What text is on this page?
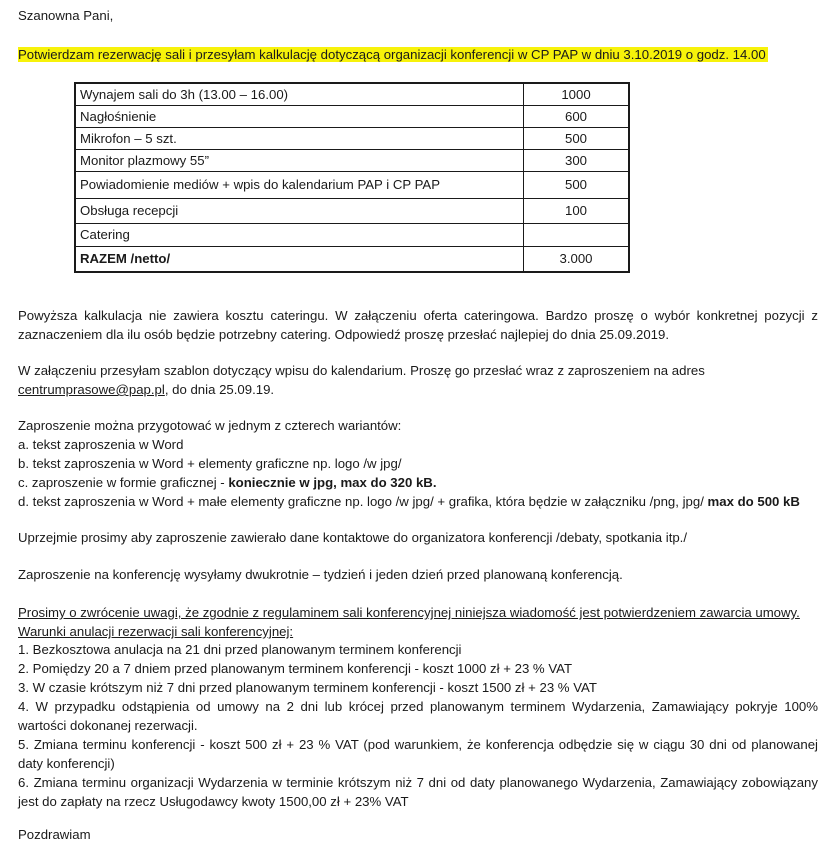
Szanowna Pani,
Potwierdzam rezerwację sali i przesyłam kalkulację dotyczącą organizacji konferencji w CP PAP w dniu 3.10.2019 o godz. 14.00
Wynajem sali do 3h (13.00 – 16.00)	1000
Nagłośnienie	600
Mikrofon – 5 szt.	500
Monitor plazmowy 55”	300
Powiadomienie mediów + wpis do kalendarium PAP i CP PAP	500
Obsługa recepcji	100
Catering	
RAZEM /netto/	3.000
Powyższa kalkulacja nie zawiera kosztu cateringu. W załączeniu oferta cateringowa. Bardzo proszę o wybór konkretnej pozycji z zaznaczeniem dla ilu osób będzie potrzebny catering. Odpowiedź proszę przesłać najlepiej do dnia 25.09.2019.
W załączeniu przesyłam szablon dotyczący wpisu do kalendarium. Proszę go przesłać wraz z zaproszeniem na adres
centrumprasowe@pap.pl, do dnia 25.09.19.
Zaproszenie można przygotować w jednym z czterech wariantów:
a. tekst zaproszenia w Word
b. tekst zaproszenia w Word + elementy graficzne np. logo /w jpg/
c. zaproszenie w formie graficznej - koniecznie w jpg, max do 320 kB.
d. tekst zaproszenia w Word + małe elementy graficzne np. logo /w jpg/ + grafika, która będzie w załączniku /png, jpg/ max do 500 kB
Uprzejmie prosimy aby zaproszenie zawierało dane kontaktowe do organizatora konferencji /debaty, spotkania itp./
Zaproszenie na konferencję wysyłamy dwukrotnie – tydzień i jeden dzień przed planowaną konferencją.
Prosimy o zwrócenie uwagi, że zgodnie z regulaminem sali konferencyjnej niniejsza wiadomość jest potwierdzeniem zawarcia umowy.
Warunki anulacji rezerwacji sali konferencyjnej:
1. Bezkosztowa anulacja na 21 dni przed planowanym terminem konferencji
2. Pomiędzy 20 a 7 dniem przed planowanym terminem konferencji - koszt 1000 zł + 23 % VAT
3. W czasie krótszym niż 7 dni przed planowanym terminem konferencji - koszt 1500 zł + 23 % VAT
4. W przypadku odstąpienia od umowy na 2 dni lub krócej przed planowanym terminem Wydarzenia, Zamawiający pokryje 100% wartości dokonanej rezerwacji.
5. Zmiana terminu konferencji - koszt 500 zł + 23 % VAT (pod warunkiem, że konferencja odbędzie się w ciągu 30 dni od planowanej daty konferencji)
6. Zmiana terminu organizacji Wydarzenia w terminie krótszym niż 7 dni od daty planowanego Wydarzenia, Zamawiający zobowiązany jest do zapłaty na rzecz Usługodawcy kwoty 1500,00 zł + 23% VAT
Pozdrawiam
